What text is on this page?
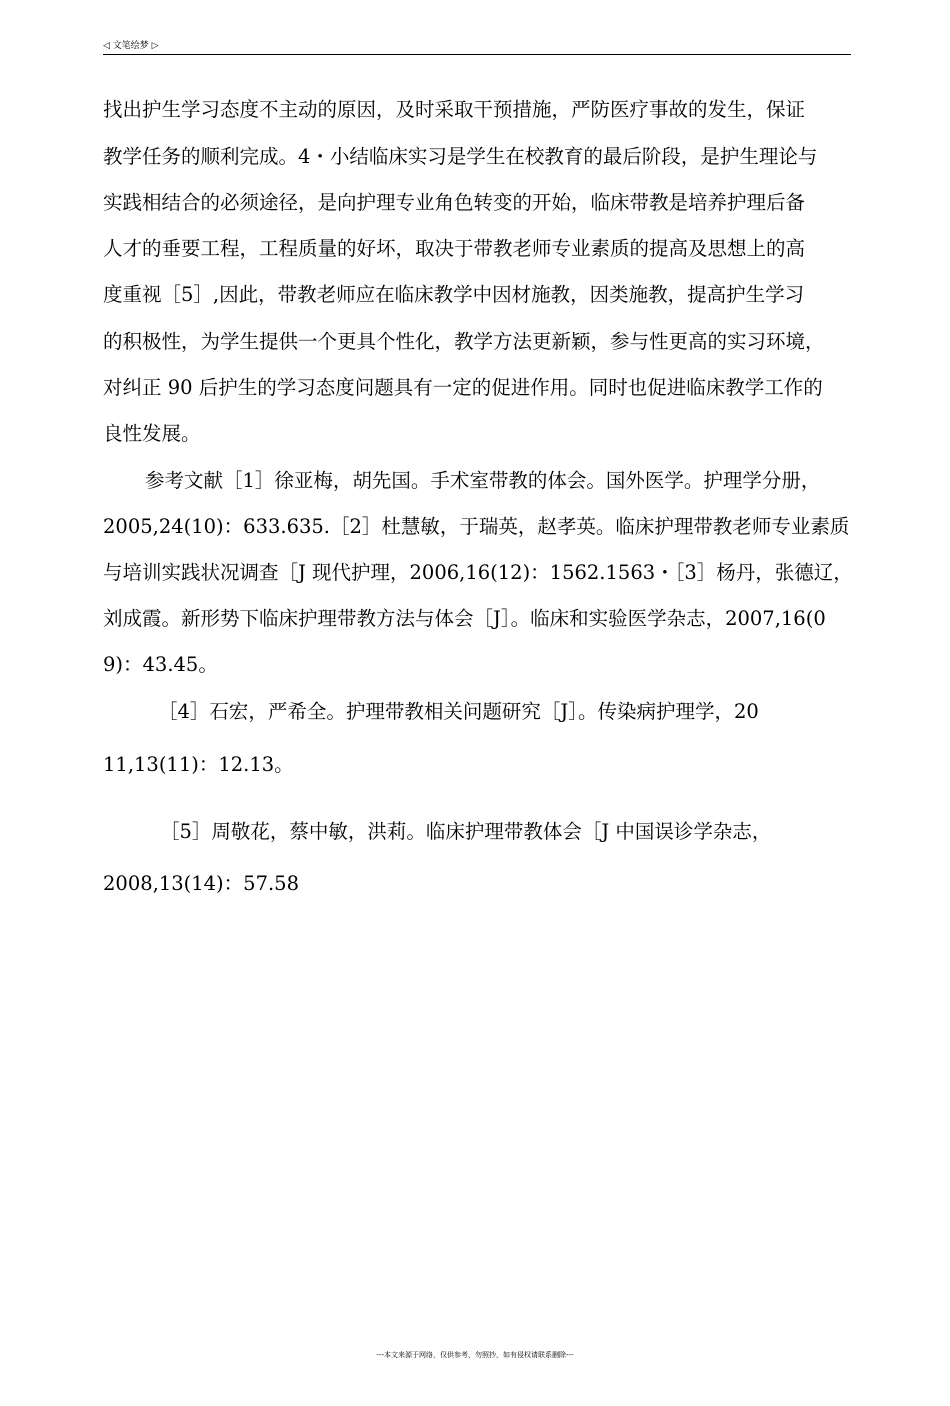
◁ 文笔绘梦 ▷
找出护生学习态度不主动的原因，及时采取干预措施，严防医疗事故的发生，保证
教学任务的顺利完成。4・小结临床实习是学生在校教育的最后阶段，是护生理论与
实践相结合的必须途径，是向护理专业角色转变的开始，临床带教是培养护理后备
人才的垂要工程，工程质量的好坏，取决于带教老师专业素质的提高及思想上的高
度重视［5］,因此，带教老师应在临床教学中因材施教，因类施教，提高护生学习
的积极性，为学生提供一个更具个性化，教学方法更新颖，参与性更高的实习环境，
对纠正 90 后护生的学习态度问题具有一定的促进作用。同时也促进临床教学工作的
良性发展。
参考文献［1］徐亚梅，胡先国。手术室带教的体会。国外医学。护理学分册，
2005,24(10)：633.635.［2］杜慧敏，于瑞英，赵孝英。临床护理带教老师专业素质
与培训实践状况调查［J 现代护理，2006,16(12)：1562.1563・［3］杨丹，张德辽，
刘成霞。新形势下临床护理带教方法与体会［J］。临床和实验医学杂志，2007,16(0
9)：43.45。
［4］石宏，严希全。护理带教相关问题研究［J］。传染病护理学，20
11,13(11)：12.13。
［5］周敬花，蔡中敏，洪莉。临床护理带教体会［J 中国误诊学杂志，
2008,13(14)：57.58
---本文来源于网络，仅供参考，勿照抄，如有侵权请联系删除---
